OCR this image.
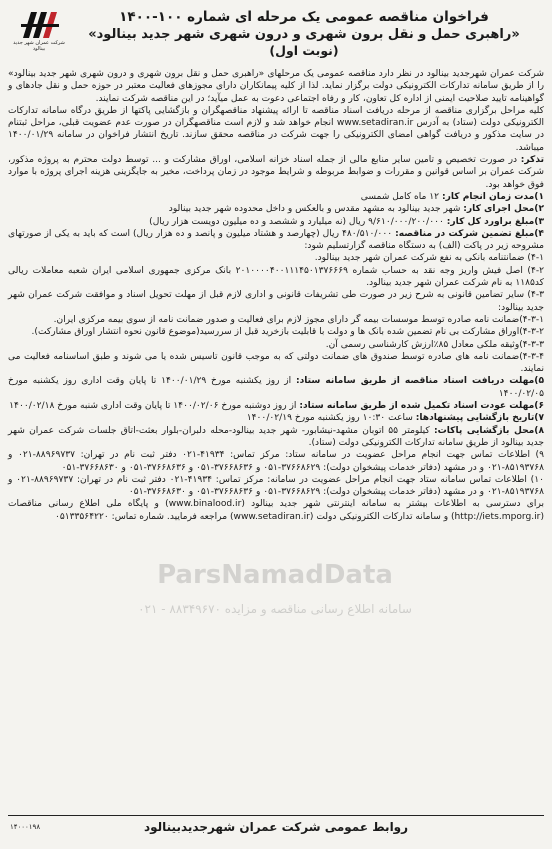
شرکت عمران شهر جدید بینالود
فراخوان مناقصه عمومی یک مرحله ای شماره ۱۰۰-۱۴۰۰
«راهبری حمل و نقل برون شهری و درون شهری شهر جدید بینالود»
(نوبت اول)

شرکت عمران شهرجدید بینالود در نظر دارد مناقصه عمومی یک مرحلهای «راهبری حمل و نقل برون شهری و درون شهری شهر جدید بینالود» را از طریق سامانه تدارکات الکترونیکی دولت برگزار نماید. لذا از کلیه پیمانکاران دارای مجوزهای فعالیت معتبر در حوزه حمل و نقل جادهای و گواهینامه تایید صلاحیت ایمنی از اداره کل تعاون، کار و رفاه اجتماعی دعوت به عمل میآید؛ در این مناقصه شرکت نمایند.

کلیه مراحل برگزاری مناقصه از مرحله دریافت اسناد مناقصه تا ارائه پیشنهاد مناقصهگران و بازگشایی پاکتها از طریق درگاه سامانه تدارکات الکترونیکی دولت (ستاد) به آدرس www.setadiran.ir انجام خواهد شد و لازم است مناقصهگران در صورت عدم عضویت قبلی، مراحل ثبتنام در سایت مذکور و دریافت گواهی امضای الکترونیکی را جهت شرکت در مناقصه محقق سازند. تاریخ انتشار فراخوان در سامانه ۱۴۰۰/۰۱/۲۹ میباشد.

تذکر: در صورت تخصیص و تامین سایر منابع مالی از جمله اسناد خزانه اسلامی، اوراق مشارکت و ... توسط دولت محترم به پروژه مذکور، شرکت عمران بر اساس قوانین و مقررات و ضوابط مربوطه و شرایط موجود در زمان پرداخت، مخیر به جایگزینی هزینه اجرای پروژه با موارد فوق خواهد بود.

۱)مدت زمان انجام کار: ۱۲ ماه کامل شمسی

۲)محل اجرای کار: شهر جدید بینالود به مشهد مقدس و بالعکس و داخل محدوده شهر جدید بینالود

۳)مبلغ براورد کل کار: ۹/۶۱۰/۰۰۰/۲۰۰/۰۰۰ ریال (نه میلیارد و ششصد و ده میلیون دویست هزار ریال)

۴)مبلغ تضمین شرکت در مناقصه: ۴۸۰/۵۱۰/۰۰۰ ریال (چهارصد و هشتاد میلیون و پانصد و ده هزار ریال) است که باید به یکی از صورتهای مشروحه زیر در پاکت (الف) به دستگاه مناقصه گزارتسلیم شود:

۴-۱) ضمانتنامه بانکی به نفع شرکت عمران شهر جدید بینالود.

۴-۲) اصل فیش واریز وجه نقد به حساب شماره ۲۰۱۰۰۰۰۴۰۰۱۱۱۴۵۰۱۳۷۶۶۶۹ بانک مرکزی جمهوری اسلامی ایران شعبه معاملات ریالی کد۱۱۸۵ به نام شرکت عمران شهر جدید بینالود.

۴-۳) سایر تضامین قانونی به شرح زیر در صورت طی تشریفات قانونی و اداری لازم قبل از مهلت تحویل اسناد و موافقت شرکت عمران شهر جدید بینالود:

۴-۳-۱)ضمانت نامه صادره توسط موسسات بیمه گر دارای مجوز لازم برای فعالیت و صدور ضمانت نامه از سوی بیمه مرکزی ایران.

۴-۳-۲)اوراق مشارکت بی نام تضمین شده بانک ها و دولت با قابلیت بازخرید قبل از سررسید(موضوع قانون نحوه انتشار اوراق مشارکت).

۴-۳-۳)وثیقه ملکی معادل ۸۵٪ارزش کارشناسی رسمی آن.

۴-۳-۴)ضمانت نامه های صادره توسط صندوق های ضمانت دولتی که به موجب قانون تاسیس شده یا می شوند و طبق اساسنامه فعالیت می نمایند.

۵)مهلت دریافت اسناد مناقصه از طریق سامانه ستاد: از روز یکشنبه مورخ ۱۴۰۰/۰۱/۲۹ تا پایان وقت اداری روز یکشنبه مورخ ۱۴۰۰/۰۲/۰۵

۶)مهلت عودت اسناد تکمیل شده از طریق سامانه ستاد: از روز دوشنبه مورخ ۱۴۰۰/۰۲/۰۶ تا پایان وقت اداری شنبه مورخ ۱۴۰۰/۰۲/۱۸

۷)تاریخ بازگشایی پیشنهادها: ساعت ۱۰:۳۰ روز یکشنبه مورخ ۱۴۰۰/۰۲/۱۹

۸)محل بازگشایی پاکات: کیلومتر ۵۵ اتوبان مشهد-نیشابور- شهر جدید بینالود-محله دلبران-بلوار بعثت-اتاق جلسات شرکت عمران شهر جدید بینالود از طریق سامانه تدارکات الکترونیکی دولت (ستاد).

۹) اطلاعات تماس جهت انجام مراحل عضویت در سامانه ستاد: مرکز تماس: ۴۱۹۳۴-۰۲۱ دفتر ثبت نام در تهران: ۸۸۹۶۹۷۳۷-۰۲۱ و ۸۵۱۹۳۷۶۸-۰۲۱ و در مشهد (دفاتر خدمات پیشخوان دولت): ۳۷۶۶۸۶۲۹-۰۵۱ و ۳۷۶۶۸۶۳۶-۰۵۱ و ۳۷۶۶۸۶۳۶-۰۵۱ و ۳۷۶۶۸۶۳۰-۰۵۱

۱۰) اطلاعات تماس سامانه ستاد جهت انجام مراحل عضویت در سامانه: مرکز تماس: ۴۱۹۳۴-۰۲۱ دفتر ثبت نام در تهران: ۸۸۹۶۹۷۳۷-۰۲۱ و ۸۵۱۹۳۷۶۸-۰۲۱ و در مشهد (دفاتر خدمات پیشخوان دولت): ۳۷۶۶۸۶۲۹-۰۵۱ و ۳۷۶۶۸۶۳۶-۰۵۱ و ۳۷۶۶۸۶۳۰-۰۵۱

برای دسترسی به اطلاعات بیشتر به سامانه اینترنتی شهر جدید بینالود (www.binalood.ir) و پایگاه ملی اطلاع رسانی مناقصات (http://iets.mporg.ir) و سامانه تدارکات الکترونیکی دولت (www.setadiran.ir) مراجعه فرمایید. شماره تماس: ۰۵۱۳۳۵۶۴۲۲۰

روابط عمومی شرکت عمران شهرجدیدبینالود
۱۴۰۰۰۱۹۸
ParsNamadData
سامانه اطلاع رسانی مناقصه و مزایده ۸۸۳۴۹۶۷۰ - ۰۲۱
